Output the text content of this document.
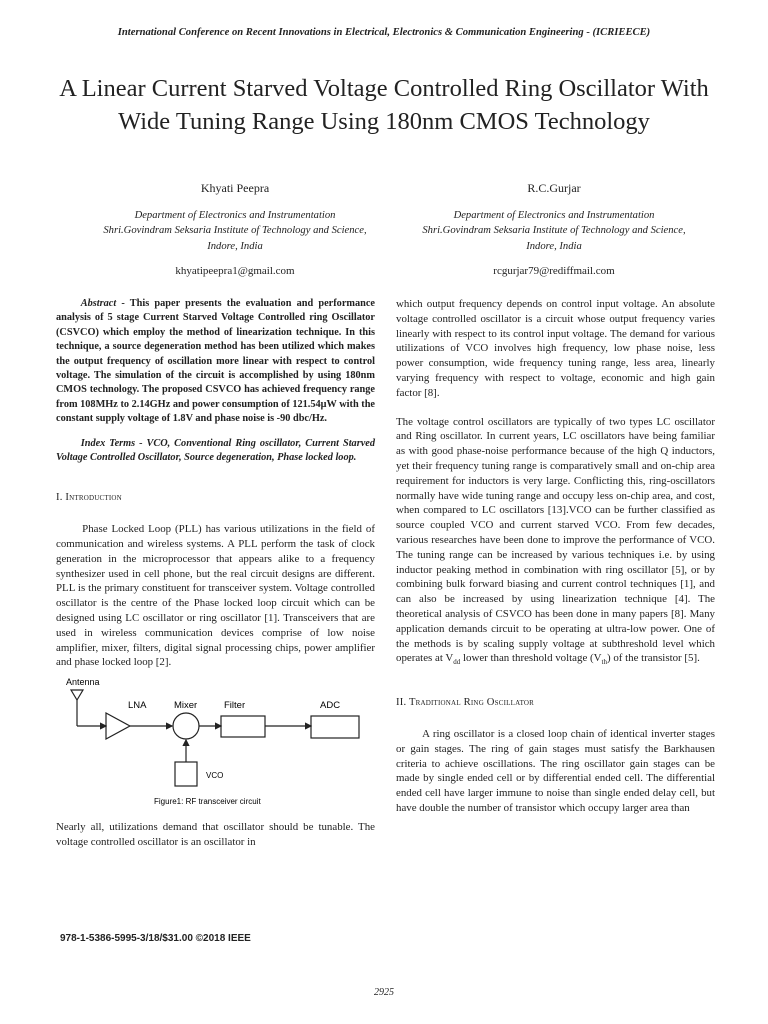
International Conference on Recent Innovations in Electrical, Electronics & Communication Engineering - (ICRIEECE)
A Linear Current Starved Voltage Controlled Ring Oscillator With Wide Tuning Range Using 180nm CMOS Technology
Khyati Peepra
Department of Electronics and Instrumentation
Shri.Govindram Seksaria Institute of Technology and Science,
Indore, India
khyatipeepra1@gmail.com
R.C.Gurjar
Department of Electronics and Instrumentation
Shri.Govindram Seksaria Institute of Technology and Science,
Indore, India
rcgurjar79@rediffmail.com

Abstract - This paper presents the evaluation and performance analysis of 5 stage Current Starved Voltage Controlled ring Oscillator (CSVCO) which employ the method of linearization technique. In this technique, a source degeneration method has been utilized which makes the output frequency of oscillation more linear with respect to control voltage. The simulation of the circuit is accomplished by using 180nm CMOS technology. The proposed CSVCO has achieved frequency range from 108MHz to 2.14GHz and power consumption of 121.54μW with the constant supply voltage of 1.8V and phase noise is -90 dbc/Hz.

Index Terms - VCO, Conventional Ring oscillator, Current Starved Voltage Controlled Oscillator, Source degeneration, Phase locked loop.

I. Introduction

Phase Locked Loop (PLL) has various utilizations in the field of communication and wireless systems. A PLL perform the task of clock generation in the microprocessor that appears alike to a frequency synthesizer used in cell phone, but the real circuit designs are different. PLL is the primary constituent for transceiver system. Voltage controlled oscillator is the centre of the Phase locked loop circuit which can be designed using LC oscillator or ring oscillator [1]. Transceivers that are used in wireless communication devices comprise of low noise amplifier, mixer, filters, digital signal processing chips, power amplifier and phase locked loop [2].

Antenna
LNA	Mixer	Filter	ADC
VCO
Figure1: RF transceiver circuit

Nearly all, utilizations demand that oscillator should be tunable. The voltage controlled oscillator is an oscillator in

which output frequency depends on control input voltage. An absolute voltage controlled oscillator is a circuit whose output frequency varies linearly with respect to its control input voltage. The demand for various utilizations of VCO involves high frequency, low phase noise, less power consumption, wide frequency tuning range, less area, linearly varying frequency with respect to voltage, economic and high gain factor [8].

The voltage control oscillators are typically of two types LC oscillator and Ring oscillator. In current years, LC oscillators have being familiar as with good phase-noise performance because of the high Q inductors, yet their frequency tuning range is comparatively small and on-chip area requirement for inductors is very large. Conflicting this, ring-oscillators normally have wide tuning range and occupy less on-chip area, and cost, when compared to LC oscillators [13].VCO can be further classified as source coupled VCO and current starved VCO. From few decades, various researches have been done to improve the performance of VCO. The tuning range can be increased by various techniques i.e. by using inductor peaking method in combination with ring oscillator [5], or by combining bulk forward biasing and current control techniques [1], and can also be increased by using linearization technique [4]. The theoretical analysis of CSVCO has been done in many papers [8]. Many application demands circuit to be operating at ultra-low power. One of the methods is by scaling supply voltage at subthreshold level which operates at $V_{dd}$ lower than threshold voltage $(V_{th})$ of the transistor [5].

II. Traditional Ring Oscillator

A ring oscillator is a closed loop chain of identical inverter stages or gain stages. The ring of gain stages must satisfy the Barkhausen criteria to achieve oscillations. The ring oscillator gain stages can be made by single ended cell or by differential ended cell. The differential ended cell have larger immune to noise than single ended delay cell, but have double the number of transistor which occupy larger area than

978-1-5386-5995-3/18/$31.00 ©2018 IEEE
2925
